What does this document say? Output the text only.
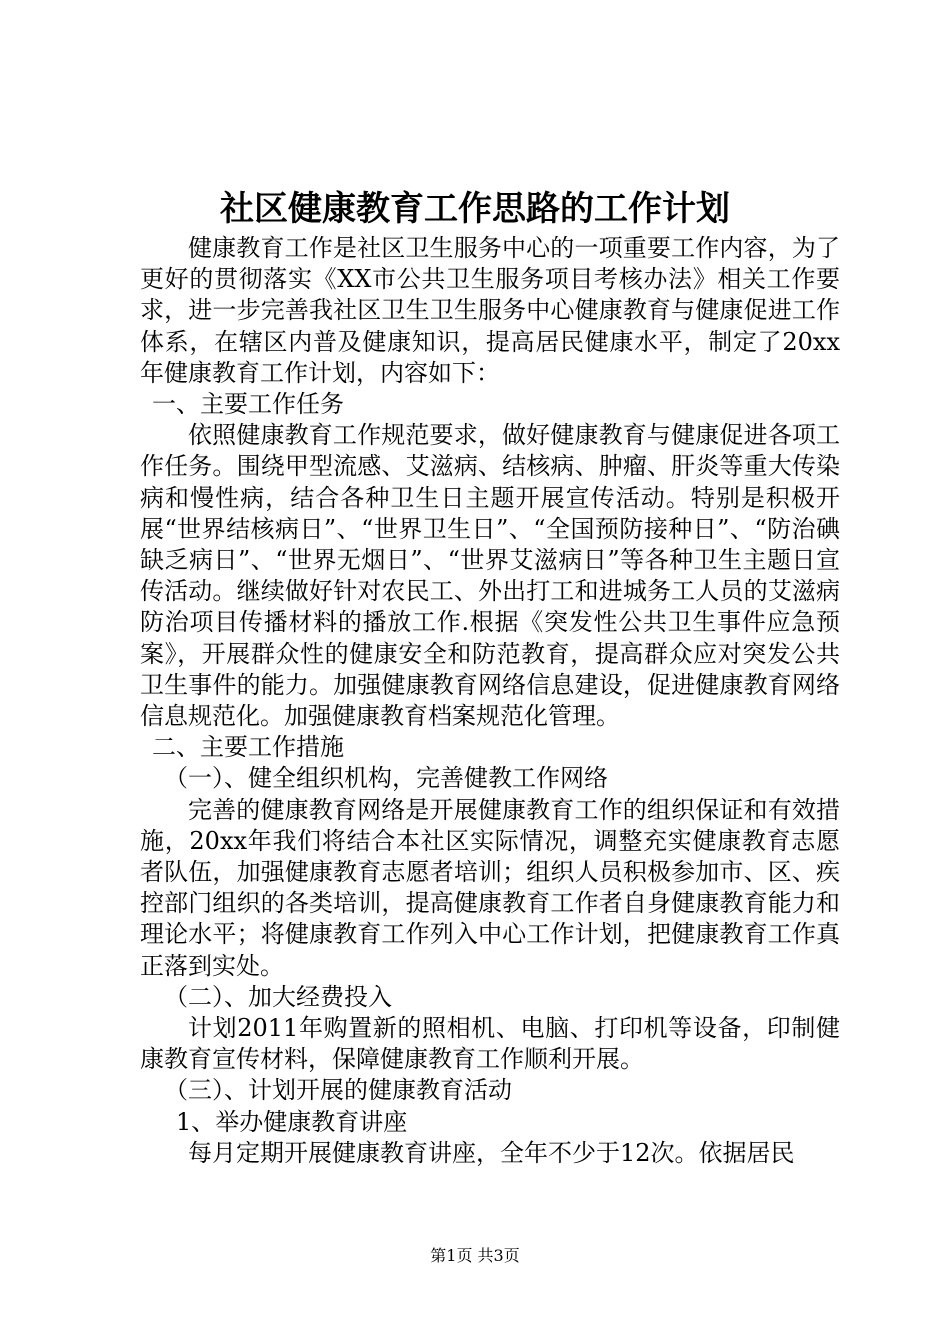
社区健康教育工作思路的工作计划

健康教育工作是社区卫生服务中心的一项重要工作内容，为了更好的贯彻落实《XX市公共卫生服务项目考核办法》相关工作要求，进一步完善我社区卫生卫生服务中心健康教育与健康促进工作体系，在辖区内普及健康知识，提高居民健康水平，制定了20xx年健康教育工作计划，内容如下：

一、主要工作任务

依照健康教育工作规范要求，做好健康教育与健康促进各项工作任务。围绕甲型流感、艾滋病、结核病、肿瘤、肝炎等重大传染病和慢性病，结合各种卫生日主题开展宣传活动。特别是积极开展“世界结核病日”、“世界卫生日”、“全国预防接种日”、“防治碘缺乏病日”、“世界无烟日”、“世界艾滋病日”等各种卫生主题日宣传活动。继续做好针对农民工、外出打工和进城务工人员的艾滋病防治项目传播材料的播放工作.根据《突发性公共卫生事件应急预案》，开展群众性的健康安全和防范教育，提高群众应对突发公共卫生事件的能力。加强健康教育网络信息建设，促进健康教育网络信息规范化。加强健康教育档案规范化管理。

二、主要工作措施

（一）、健全组织机构，完善健教工作网络

完善的健康教育网络是开展健康教育工作的组织保证和有效措施，20xx年我们将结合本社区实际情况，调整充实健康教育志愿者队伍，加强健康教育志愿者培训；组织人员积极参加市、区、疾控部门组织的各类培训，提高健康教育工作者自身健康教育能力和理论水平；将健康教育工作列入中心工作计划，把健康教育工作真正落到实处。

（二）、加大经费投入

计划2011年购置新的照相机、电脑、打印机等设备，印制健康教育宣传材料，保障健康教育工作顺利开展。

（三）、计划开展的健康教育活动

1、举办健康教育讲座

每月定期开展健康教育讲座，全年不少于12次。依据居民

第1页 共3页
